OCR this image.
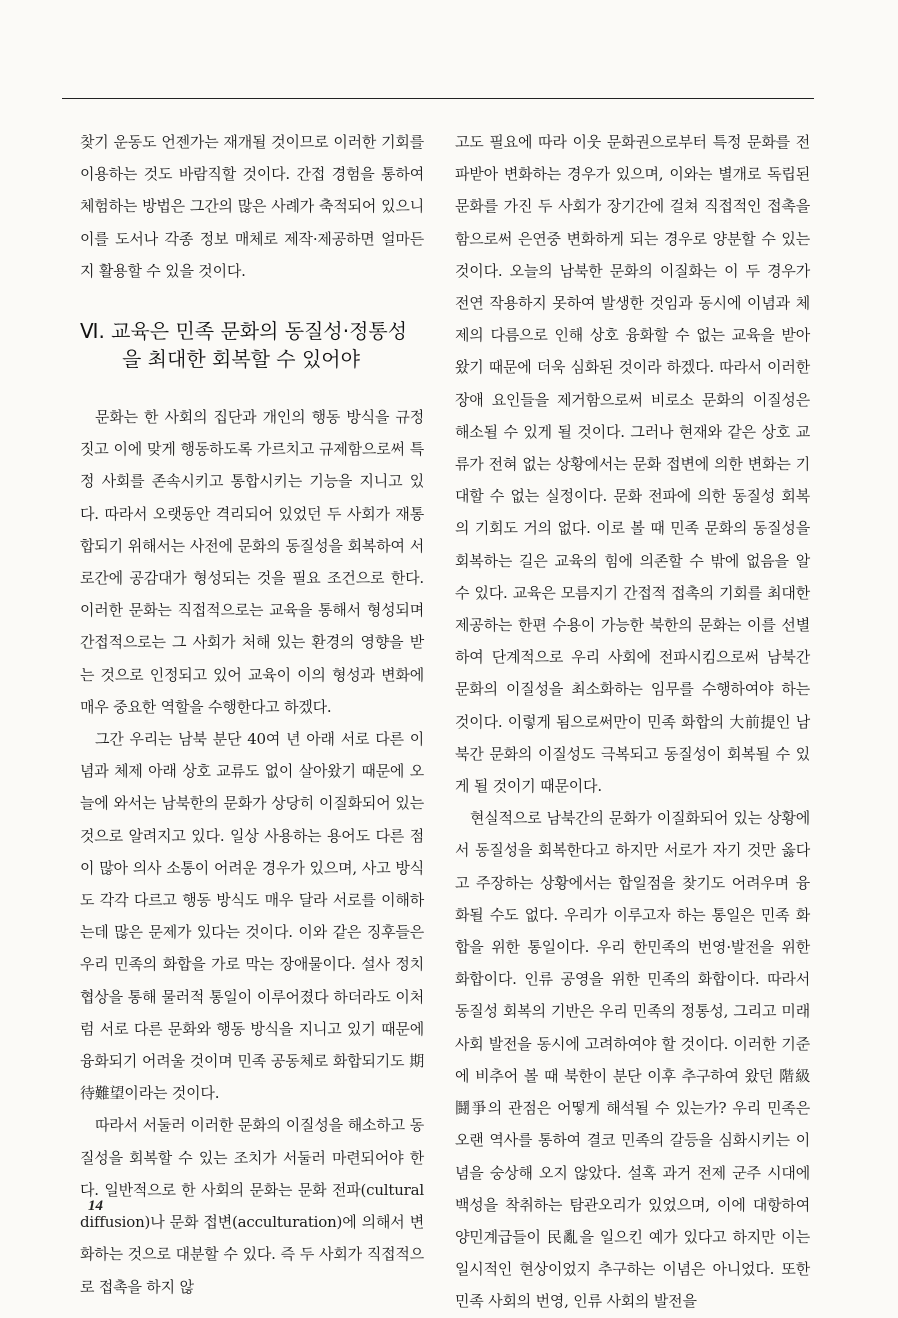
찾기 운동도 언젠가는 재개될 것이므로 이러한 기회를 이용하는 것도 바람직할 것이다. 간접 경험을 통하여 체험하는 방법은 그간의 많은 사례가 축적되어 있으니 이를 도서나 각종 정보 매체로 제작·제공하면 얼마든지 활용할 수 있을 것이다.

Ⅵ. 교육은 민족 문화의 동질성·정통성을 최대한 회복할 수 있어야

문화는 한 사회의 집단과 개인의 행동 방식을 규정짓고 이에 맞게 행동하도록 가르치고 규제함으로써 특정 사회를 존속시키고 통합시키는 기능을 지니고 있다. 따라서 오랫동안 격리되어 있었던 두 사회가 재통합되기 위해서는 사전에 문화의 동질성을 회복하여 서로간에 공감대가 형성되는 것을 필요 조건으로 한다. 이러한 문화는 직접적으로는 교육을 통해서 형성되며 간접적으로는 그 사회가 처해 있는 환경의 영향을 받는 것으로 인정되고 있어 교육이 이의 형성과 변화에 매우 중요한 역할을 수행한다고 하겠다.

그간 우리는 남북 분단 40여 년 아래 서로 다른 이념과 체제 아래 상호 교류도 없이 살아왔기 때문에 오늘에 와서는 남북한의 문화가 상당히 이질화되어 있는 것으로 알려지고 있다. 일상 사용하는 용어도 다른 점이 많아 의사 소통이 어려운 경우가 있으며, 사고 방식도 각각 다르고 행동 방식도 매우 달라 서로를 이해하는데 많은 문제가 있다는 것이다. 이와 같은 징후들은 우리 민족의 화합을 가로 막는 장애물이다. 설사 정치 협상을 통해 물러적 통일이 이루어졌다 하더라도 이처럼 서로 다른 문화와 행동 방식을 지니고 있기 때문에 융화되기 어려울 것이며 민족 공동체로 화합되기도 期待難望이라는 것이다.

따라서 서둘러 이러한 문화의 이질성을 해소하고 동질성을 회복할 수 있는 조치가 서둘러 마련되어야 한다. 일반적으로 한 사회의 문화는 문화 전파(cultural diffusion)나 문화 접변(acculturation)에 의해서 변화하는 것으로 대분할 수 있다. 즉 두 사회가 직접적으로 접촉을 하지 않

고도 필요에 따라 이웃 문화권으로부터 특정 문화를 전파받아 변화하는 경우가 있으며, 이와는 별개로 독립된 문화를 가진 두 사회가 장기간에 걸쳐 직접적인 접촉을 함으로써 은연중 변화하게 되는 경우로 양분할 수 있는 것이다. 오늘의 남북한 문화의 이질화는 이 두 경우가 전연 작용하지 못하여 발생한 것임과 동시에 이념과 체제의 다름으로 인해 상호 융화할 수 없는 교육을 받아 왔기 때문에 더욱 심화된 것이라 하겠다. 따라서 이러한 장애 요인들을 제거함으로써 비로소 문화의 이질성은 해소될 수 있게 될 것이다. 그러나 현재와 같은 상호 교류가 전혀 없는 상황에서는 문화 접변에 의한 변화는 기대할 수 없는 실정이다. 문화 전파에 의한 동질성 회복의 기회도 거의 없다. 이로 볼 때 민족 문화의 동질성을 회복하는 길은 교육의 힘에 의존할 수 밖에 없음을 알 수 있다. 교육은 모름지기 간접적 접촉의 기회를 최대한 제공하는 한편 수용이 가능한 북한의 문화는 이를 선별하여 단계적으로 우리 사회에 전파시킴으로써 남북간 문화의 이질성을 최소화하는 임무를 수행하여야 하는 것이다. 이렇게 됨으로써만이 민족 화합의 大前提인 남북간 문화의 이질성도 극복되고 동질성이 회복될 수 있게 될 것이기 때문이다.

현실적으로 남북간의 문화가 이질화되어 있는 상황에서 동질성을 회복한다고 하지만 서로가 자기 것만 옳다고 주장하는 상황에서는 합일점을 찾기도 어려우며 융화될 수도 없다. 우리가 이루고자 하는 통일은 민족 화합을 위한 통일이다. 우리 한민족의 번영·발전을 위한 화합이다. 인류 공영을 위한 민족의 화합이다. 따라서 동질성 회복의 기반은 우리 민족의 정통성, 그리고 미래사회 발전을 동시에 고려하여야 할 것이다. 이러한 기준에 비추어 볼 때 북한이 분단 이후 추구하여 왔던 階級鬪爭의 관점은 어떻게 해석될 수 있는가? 우리 민족은 오랜 역사를 통하여 결코 민족의 갈등을 심화시키는 이념을 숭상해 오지 않았다. 설혹 과거 전제 군주 시대에 백성을 착취하는 탐관오리가 있었으며, 이에 대항하여 양민계급들이 民亂을 일으킨 예가 있다고 하지만 이는 일시적인 현상이었지 추구하는 이념은 아니었다. 또한 민족 사회의 번영, 인류 사회의 발전을

14
